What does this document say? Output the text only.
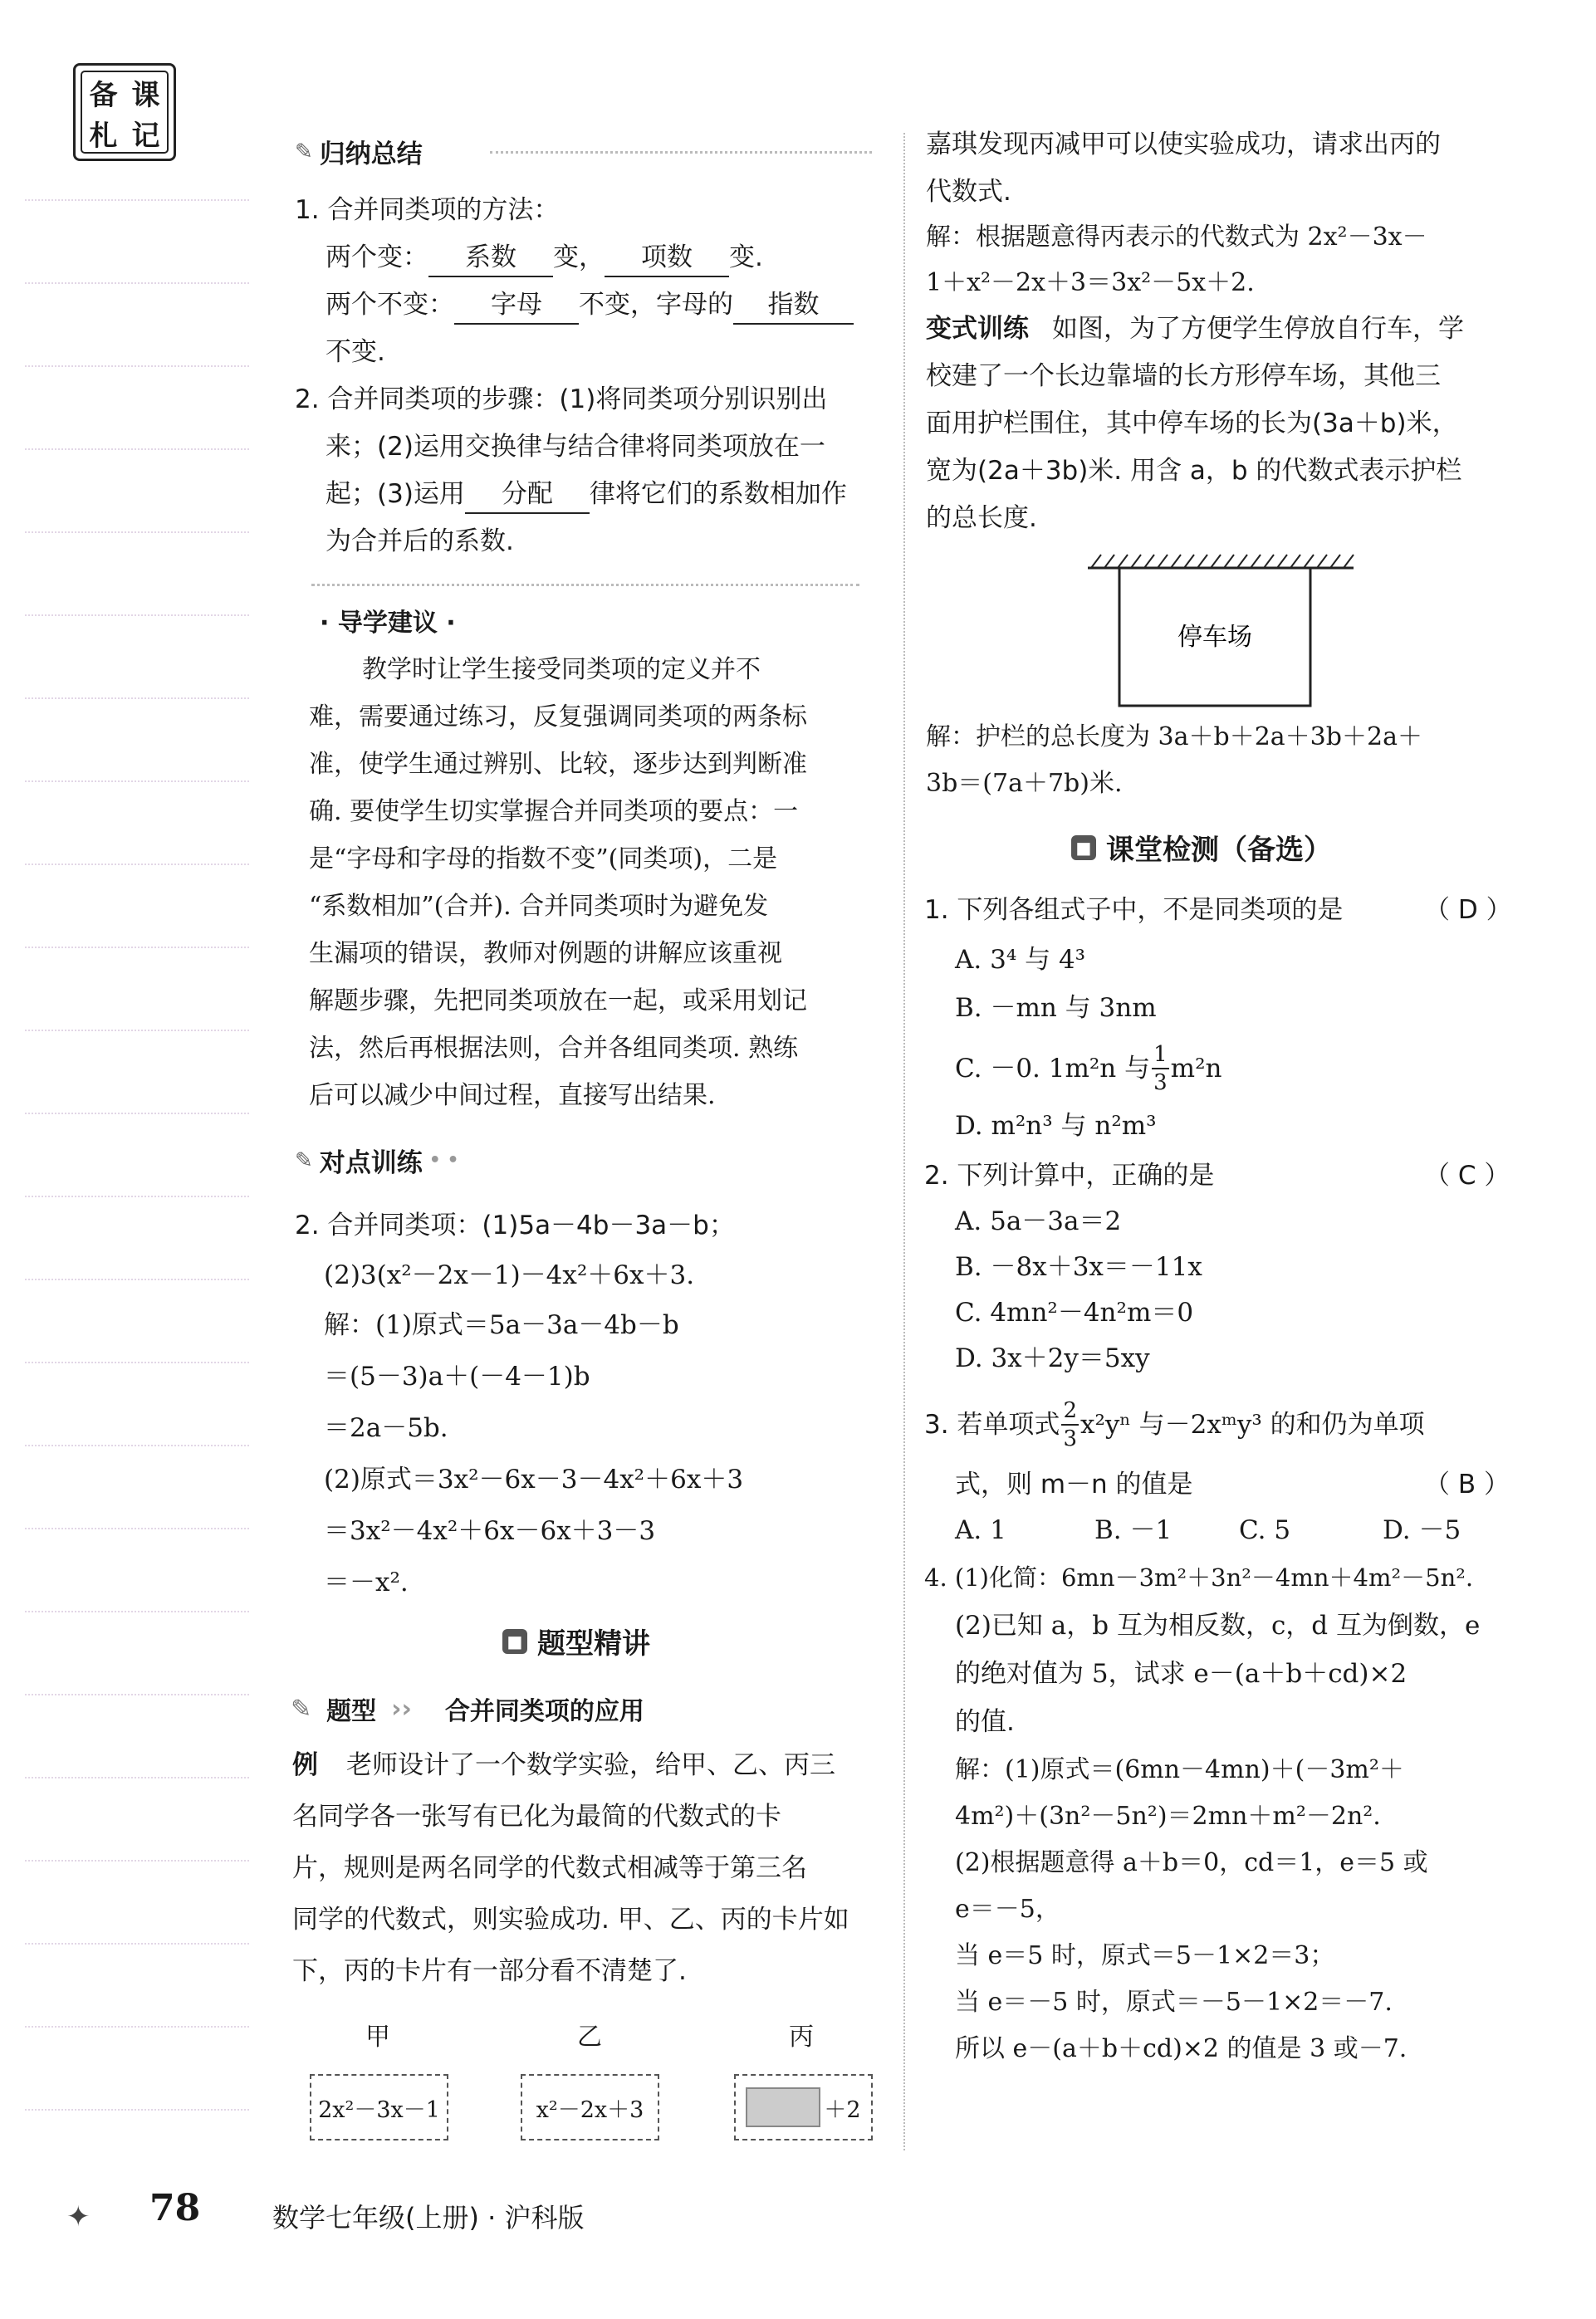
备 课
札 记	✎ 归纳总结
1. 合并同类项的方法：
两个变： 系数 变， 项数 变.
两个不变： 字母 不变，字母的 指数
不变.
2. 合并同类项的步骤：(1)将同类项分别识别出
来；(2)运用交换律与结合律将同类项放在一
起；(3)运用 分配 律将它们的系数相加作
为合并后的系数.
· 导学建议 ·
教学时让学生接受同类项的定义并不
难，需要通过练习，反复强调同类项的两条标
准，使学生通过辨别、比较，逐步达到判断准
确. 要使学生切实掌握合并同类项的要点：一
是“字母和字母的指数不变”(同类项)，二是
“系数相加”(合并). 合并同类项时为避免发
生漏项的错误，教师对例题的讲解应该重视
解题步骤，先把同类项放在一起，或采用划记
法，然后再根据法则，合并各组同类项. 熟练
后可以减少中间过程，直接写出结果.
✎ 对点训练 • •
2. 合并同类项：(1)5a－4b－3a－b；
(2)3(x²－2x－1)－4x²＋6x＋3.
解：(1)原式＝5a－3a－4b－b
＝(5－3)a＋(－4－1)b
＝2a－5b.
(2)原式＝3x²－6x－3－4x²＋6x＋3
＝3x²－4x²＋6x－6x＋3－3
＝－x².
■ 题型精讲
✎ 题型 ›› 合并同类项的应用
例 老师设计了一个数学实验，给甲、乙、丙三
名同学各一张写有已化为最简的代数式的卡
片，规则是两名同学的代数式相减等于第三名
同学的代数式，则实验成功. 甲、乙、丙的卡片如
下，丙的卡片有一部分看不清楚了.
甲	乙	丙
2x²－3x－1	x²－2x＋3	＋2
嘉琪发现丙减甲可以使实验成功，请求出丙的
代数式.
解：根据题意得丙表示的代数式为 2x²－3x－
1＋x²－2x＋3＝3x²－5x＋2.
变式训练 如图，为了方便学生停放自行车，学
校建了一个长边靠墙的长方形停车场，其他三
面用护栏围住，其中停车场的长为(3a＋b)米，
宽为(2a＋3b)米. 用含 a，b 的代数式表示护栏
的总长度.
停车场
解：护栏的总长度为 3a＋b＋2a＋3b＋2a＋
3b＝(7a＋7b)米.
■ 课堂检测（备选）
1. 下列各组式子中，不是同类项的是	（ D ）
A. 3⁴ 与 4³
B. －mn 与 3nm
C. －0. 1m²n 与 $\frac{1}{3} m^2n$
D. m²n³ 与 n²m³
2. 下列计算中，正确的是	（ C ）
A. 5a－3a＝2
B. －8x＋3x＝－11x
C. 4mn²－4n²m＝0
D. 3x＋2y＝5xy
3. 若单项式 $\frac{2}{3} x^2y^n$ 与－2xᵐy³ 的和仍为单项
式，则 m－n 的值是	（ B ）
A. 1	B. －1	C. 5	D. －5
4. (1)化简：6mn－3m²＋3n²－4mn＋4m²－5n².
(2)已知 a，b 互为相反数，c，d 互为倒数，e
的绝对值为 5，试求 e－(a＋b＋cd)×2
的值.
解：(1)原式＝(6mn－4mn)＋(－3m²＋
4m²)＋(3n²－5n²)＝2mn＋m²－2n².
(2)根据题意得 a＋b＝0，cd＝1，e＝5 或
e＝－5，
当 e＝5 时，原式＝5－1×2＝3；
当 e＝－5 时，原式＝－5－1×2＝－7.
所以 e－(a＋b＋cd)×2 的值是 3 或－7.
✦ 78	数学七年级(上册) · 沪科版
